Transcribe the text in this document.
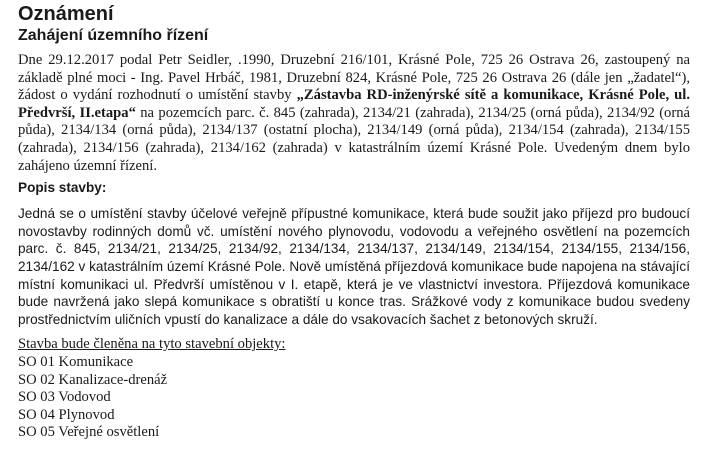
Oznámení
Zahájení územního řízení

Dne 29.12.2017 podal Petr Seidler, .1990, Druzební 216/101, Krásné Pole, 725 26 Ostrava 26, zastoupený na základě plné moci - Ing. Pavel Hrbáč, 1981, Druzební 824, Krásné Pole, 725 26 Ostrava 26 (dále jen „žadatel“), žádost o vydání rozhodnutí o umístění stavby „Zástavba RD-inženýrské sítě a komunikace, Krásné Pole, ul. Předvrší, II.etapa“ na pozemcích parc. č. 845 (zahrada), 2134/21 (zahrada), 2134/25 (orná půda), 2134/92 (orná půda), 2134/134 (orná půda), 2134/137 (ostatní plocha), 2134/149 (orná půda), 2134/154 (zahrada), 2134/155 (zahrada), 2134/156 (zahrada), 2134/162 (zahrada) v katastrálním území Krásné Pole. Uvedeným dnem bylo zahájeno územní řízení.

Popis stavby:

Jedná se o umístění stavby účelové veřejně přípustné komunikace, která bude soužit jako příjezd pro budoucí novostavby rodinných domů vč. umístění nového plynovodu, vodovodu a veřejného osvětlení na pozemcích parc. č. 845, 2134/21, 2134/25, 2134/92, 2134/134, 2134/137, 2134/149, 2134/154, 2134/155, 2134/156, 2134/162 v katastrálním území Krásné Pole. Nově umístěná příjezdová komunikace bude napojena na stávající místní komunikaci ul. Předvrší umístěnou v I. etapě, která je ve vlastnictví investora. Příjezdová komunikace bude navržená jako slepá komunikace s obratiští u konce tras. Srážkové vody z komunikace budou svedeny prostřednictvím uličních vpustí do kanalizace a dále do vsakovacích šachet z betonových skruží.

Stavba bude členěna na tyto stavební objekty:

SO 01 Komunikace
SO 02 Kanalizace-drenáž
SO 03 Vodovod
SO 04 Plynovod
SO 05 Veřejné osvětlení
